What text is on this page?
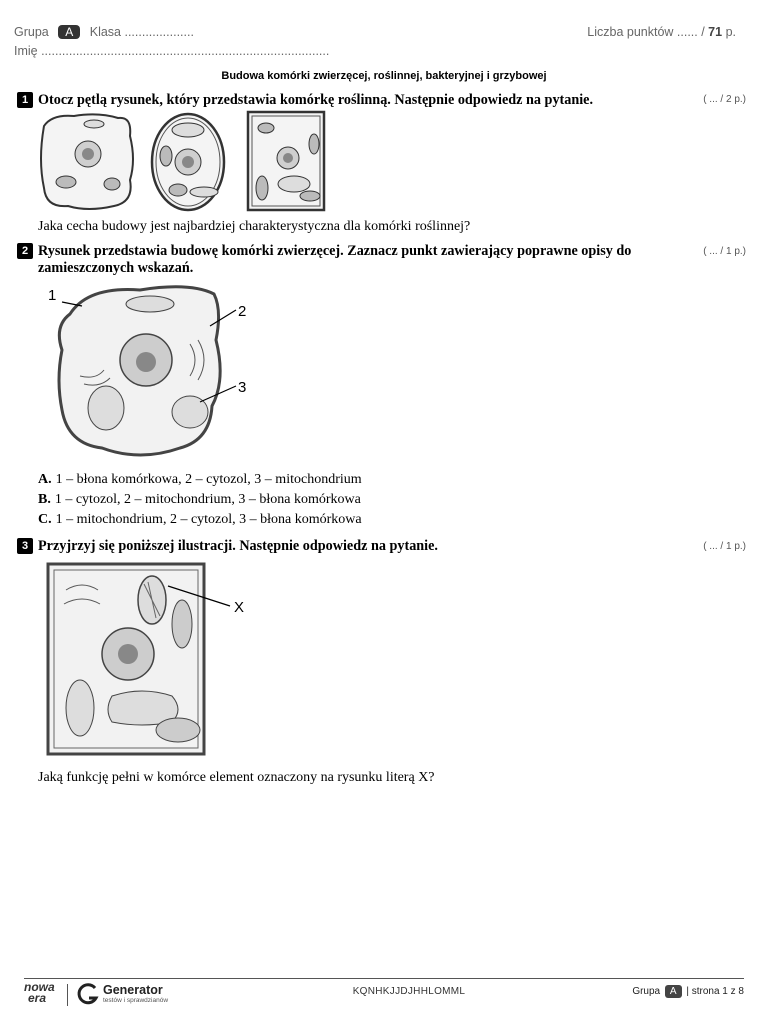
Grupa A Klasa ....................
Imię ...................................................................................
Liczba punktów ...... / 71 p.
Budowa komórki zwierzęcej, roślinnej, bakteryjnej i grzybowej
1 Otocz pętlą rysunek, który przedstawia komórkę roślinną. Następnie odpowiedz na pytanie.	( ... / 2 p.)
Jaka cecha budowy jest najbardziej charakterystyczna dla komórki roślinnej?
2 Rysunek przedstawia budowę komórki zwierzęcej. Zaznacz punkt zawierający poprawne opisy do
zamieszczonych wskazań.
( ... / 1 p.)
1
2
3
A. 1 – błona komórkowa, 2 – cytozol, 3 – mitochondrium
B. 1 – cytozol, 2 – mitochondrium, 3 – błona komórkowa
C. 1 – mitochondrium, 2 – cytozol, 3 – błona komórkowa
3 Przyjrzyj się poniższej ilustracji. Następnie odpowiedz na pytanie.	( ... / 1 p.)
X
Jaką funkcję pełni w komórce element oznaczony na rysunku literą X?
nowa
era
Generator
testów i sprawdzianów
KQNHKJJDJHHLOMML	Grupa A | strona 1 z 8
